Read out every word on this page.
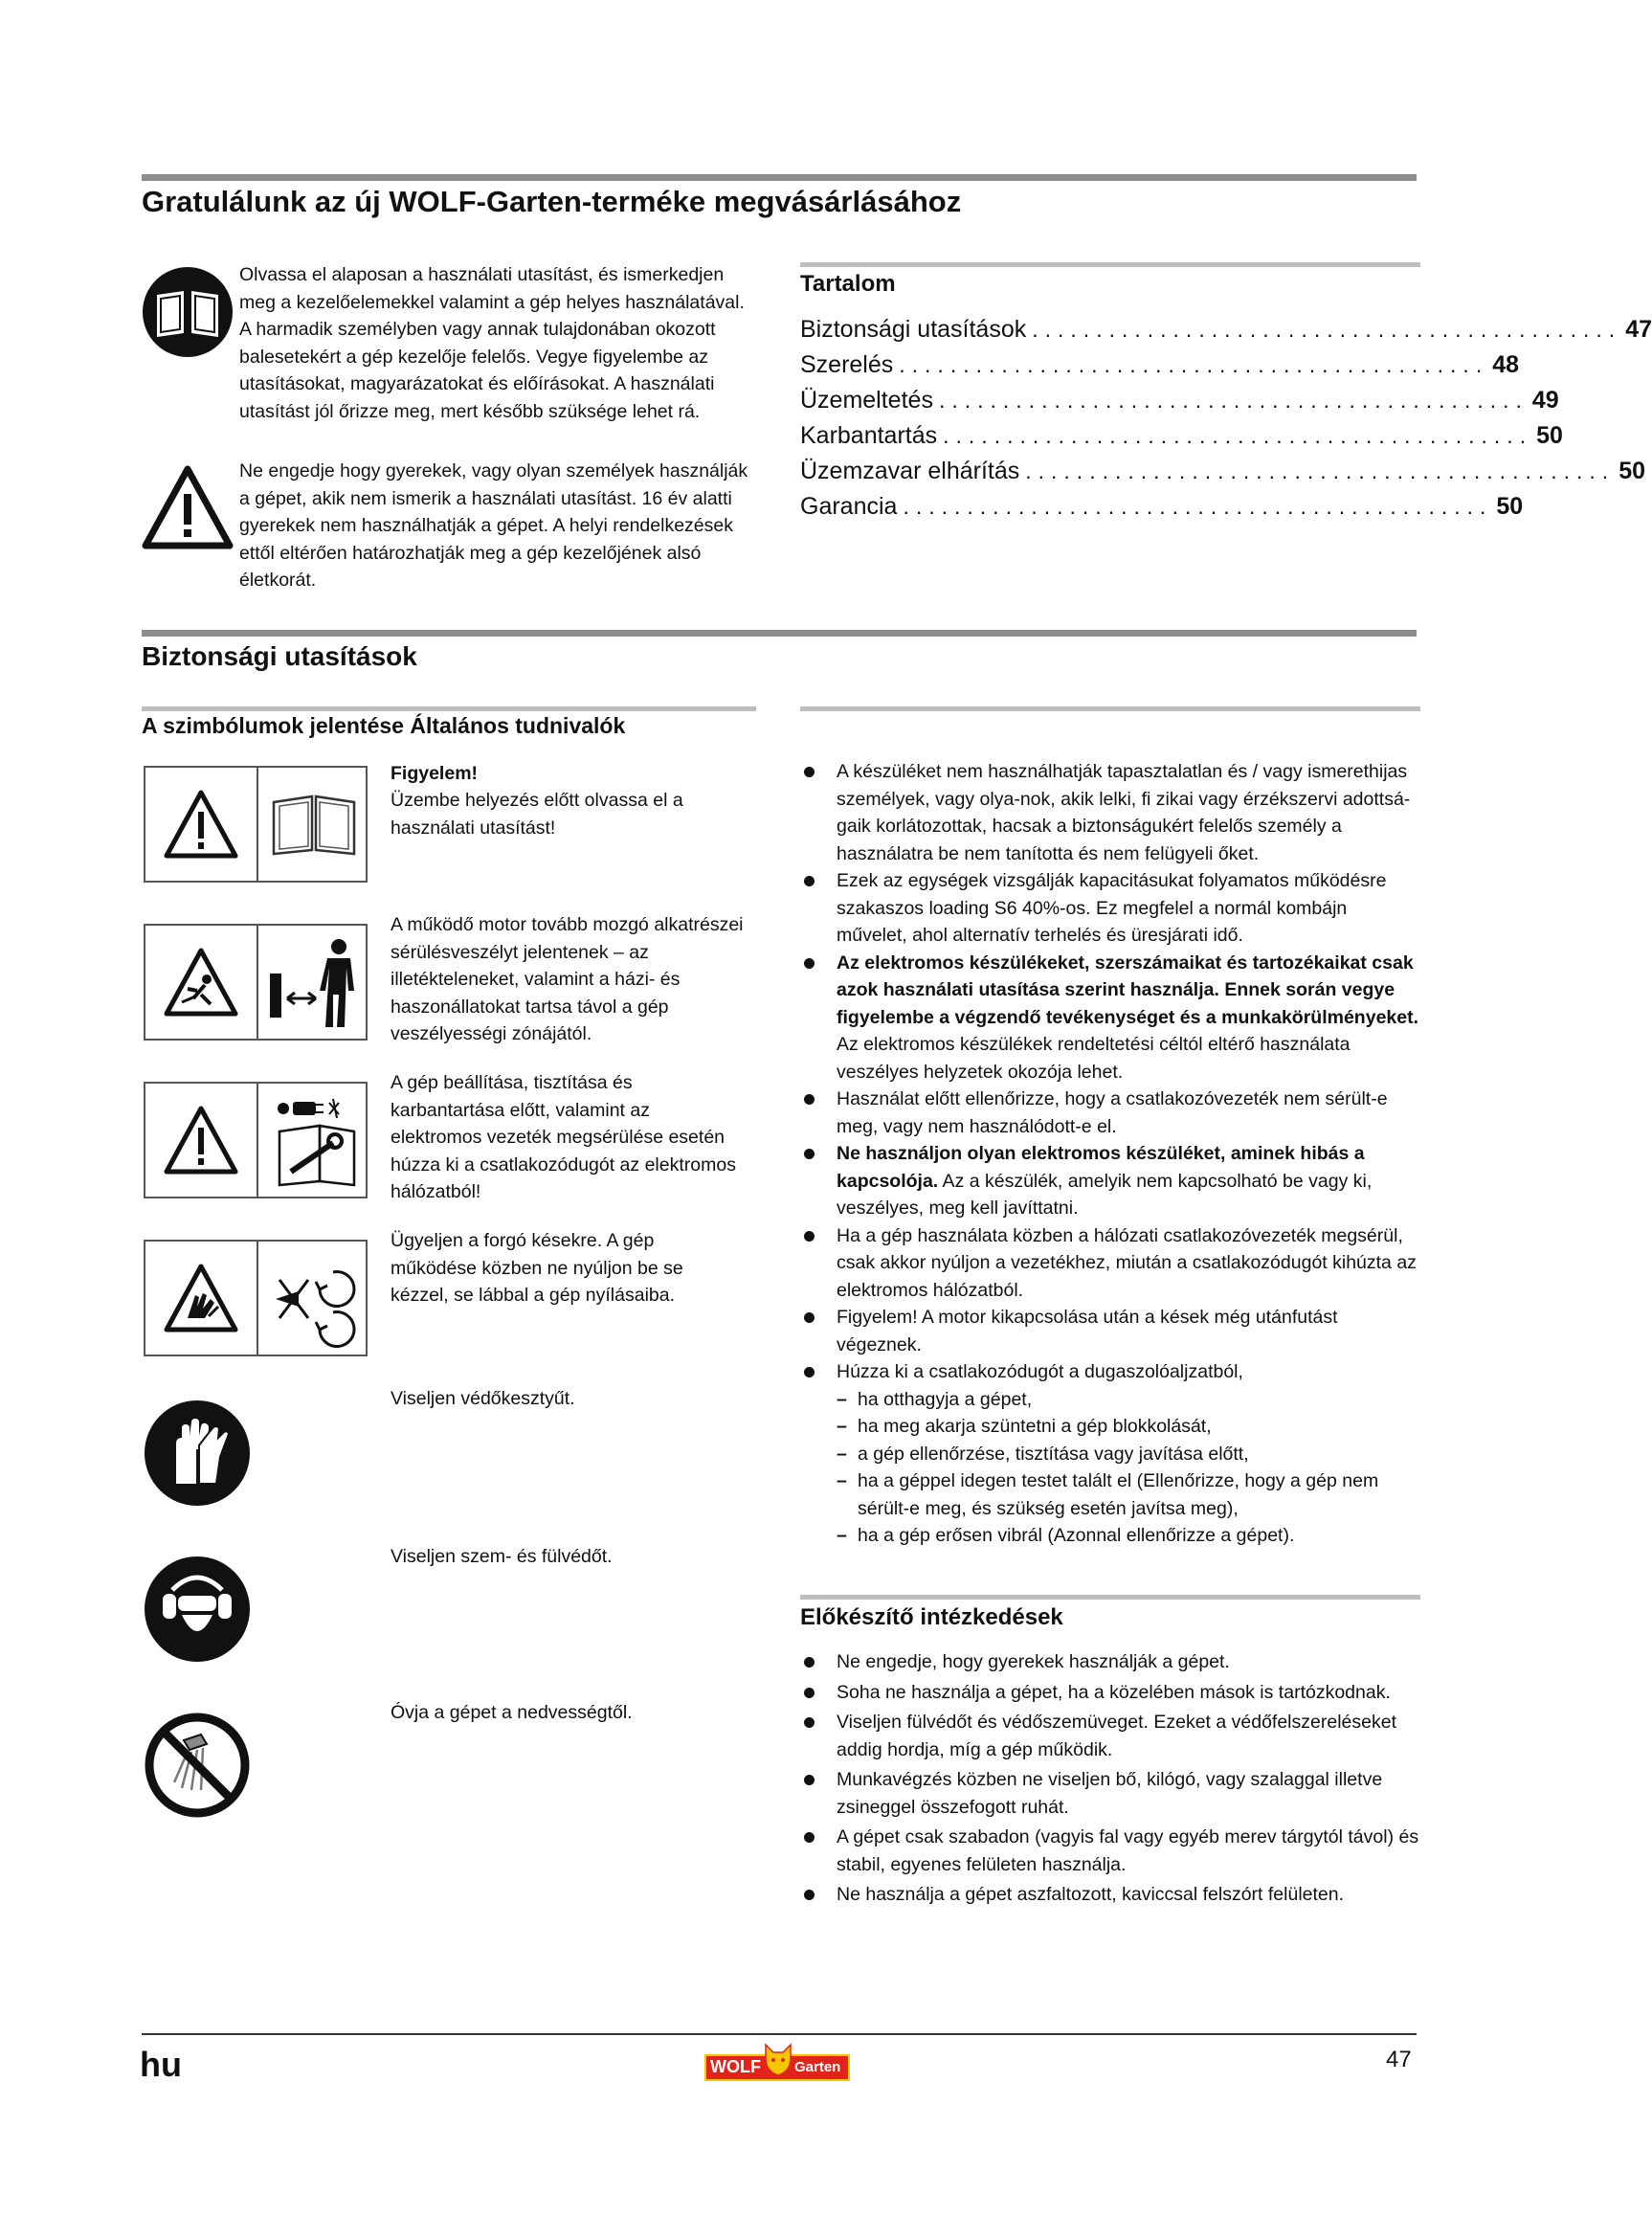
Gratulálunk az új WOLF-Garten-terméke megvásárlásához
Olvassa el alaposan a használati utasítást, és ismerkedjen meg a kezelőelemekkel valamint a gép helyes használatával. A harmadik személyben vagy annak tulajdonában okozott balesetekért a gép kezelője felelős. Vegye figyelembe az utasításokat, magyarázatokat és előírásokat. A használati utasítást jól őrizze meg, mert később szüksége lehet rá.
Ne engedje hogy gyerekek, vagy olyan személyek használják a gépet, akik nem ismerik a használati utasítást. 16 év alatti gyerekek nem használhatják a gépet. A helyi rendelkezések ettől eltérően határozhatják meg a gép kezelőjének alsó életkorát.
Tartalom
Biztonsági utasítások .............................................. 47
Szerelés .............................................. 48
Üzemeltetés .............................................. 49
Karbantartás .............................................. 50
Üzemzavar elhárítás .............................................. 50
Garancia .............................................. 50
Biztonsági utasítások
A szimbólumok jelentése Általános tudnivalók
Figyelem!
Üzembe helyezés előtt olvassa el a használati utasítást!
A működő motor tovább mozgó alkatrészei sérülésveszélyt jelentenek – az illetékteleneket, valamint a házi- és haszonállatokat tartsa távol a gép veszélyességi zónájától.
A gép beállítása, tisztítása és karbantartása előtt, valamint az elektromos vezeték megsérülése esetén húzza ki a csatlakozódugót az elektromos hálózatból!
Ügyeljen a forgó késekre. A gép működése közben ne nyúljon be se kézzel, se lábbal a gép nyílásaiba.
Viseljen védőkesztyűt.
Viseljen szem- és fülvédőt.
Óvja a gépet a nedvességtől.
A készüléket nem használhatják tapasztalatlan és / vagy ismerethijas személyek, vagy olya-nok, akik lelki, fi zikai vagy érzékszervi adottsá-gaik korlátozottak, hacsak a biztonságukért felelős személy a használatra be nem tanította és nem felügyeli őket.
Ezek az egységek vizsgálják kapacitásukat folyamatos működésre szakaszos loading S6 40%-os. Ez megfelel a normál kombájn művelet, ahol alternatív terhelés és üresjárati idő.
Az elektromos készülékeket, szerszámaikat és tartozékaikat csak azok használati utasítása szerint használja. Ennek során vegye figyelembe a végzendő tevékenységet és a munkakörülményeket. Az elektromos készülékek rendeltetési céltól eltérő használata veszélyes helyzetek okozója lehet.
Használat előtt ellenőrizze, hogy a csatlakozóvezeték nem sérült-e meg, vagy nem használódott-e el.
Ne használjon olyan elektromos készüléket, aminek hibás a kapcsolója. Az a készülék, amelyik nem kapcsolható be vagy ki, veszélyes, meg kell javíttatni.
Ha a gép használata közben a hálózati csatlakozóvezeték megsérül, csak akkor nyúljon a vezetékhez, miután a csatlakozódugót kihúzta az elektromos hálózatból.
Figyelem! A motor kikapcsolása után a kések még utánfutást végeznek.
Húzza ki a csatlakozódugót a dugaszolóaljzatból,
– ha otthagyja a gépet,
– ha meg akarja szüntetni a gép blokkolását,
– a gép ellenőrzése, tisztítása vagy javítása előtt,
– ha a géppel idegen testet talált el (Ellenőrizze, hogy a gép nem sérült-e meg, és szükség esetén javítsa meg),
– ha a gép erősen vibrál (Azonnal ellenőrizze a gépet).
Előkészítő intézkedések
Ne engedje, hogy gyerekek használják a gépet.
Soha ne használja a gépet, ha a közelében mások is tartózkodnak.
Viseljen fülvédőt és védőszemüveget. Ezeket a védőfelszereléseket addig hordja, míg a gép működik.
Munkavégzés közben ne viseljen bő, kilógó, vagy szalaggal illetve zsineggel összefogott ruhát.
A gépet csak szabadon (vagyis fal vagy egyéb merev tárgytól távol) és stabil, egyenes felületen használja.
Ne használja a gépet aszfaltozott, kaviccsal felszórt felületen.
hu	WOLF Garten	47
